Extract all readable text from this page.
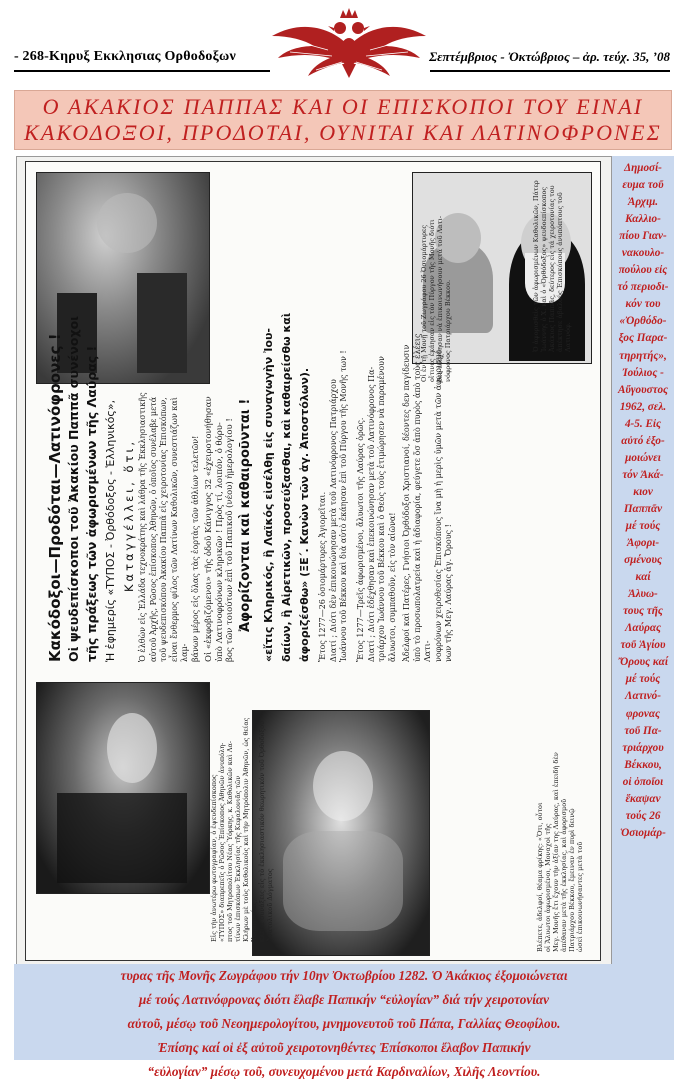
- 268-Κηρυξ Εκκλησιας Ορθοδοξων	Σεπτέμβριος - Ὀκτώβριος – ἀρ. τεύχ. 35, ’08
Ο ΑΚΑΚΙΟΣ ΠΑΠΠΑΣ ΚΑΙ ΟΙ ΕΠΙΣΚΟΠΟΙ ΤΟΥ ΕΙΝΑΙ
ΚΑΚΟΔΟΞΟΙ, ΠΡΟΔΟΤΑΙ, ΟΥΝΙΤΑΙ ΚΑΙ ΛΑΤΙΝΟΦΡΟΝΕΣ
Κακόδοξοι—Προδόται—Λατινόφρονες ! Οἱ ψευδεπίσκοποι τοῦ Ἀκακίου Παππᾶ συνένοχοι τῆς πράξεως τῶν ἀφωρισμένων τῆς Λαύρας ! Ἡ ἐφημερίς «ΤΥΠΟΣ - Ὀρθόδοξος - Ἑλληνικός», Καταγγέλλει, ὅτι, Ὁ ἐλθὼν εἰς Ἑλλάδα τεχνοκράτης καὶ λάθρα τῆς Ἐκκλησιαστικῆς αὐτοῦ Ἀρχῆς, Ρῶσος ἐπίσκοπος Ἀθηνῶν, ὁ ὁποῖος συνέλαβε μετά τοῦ ψευδεπισκόπου Ἀκακίου Παππᾶ εἰς χειροτονίας Ἐπισκόπων, εἶναι ἔνθερμος φίλος τῶν Λατίνων Καθολικῶν, συνεστιάζων καὶ λαμ- βάνων μέρος εἰς ὅλας τὰς ἑορτὰς τῶν ἀθλίων τελετῶν! Οἱ «ἐκφοβιζόμενοι» τῆς ὁδοῦ Κάνιγγος 32 «ἐχειροτονήθησαν ὑπὸ Λατινοφρόνων κληρικῶν ! Πρὸς τί, λοιπόν, ὁ θόρυ- βος τῶν τοιούτων ἐπὶ τοῦ Παπικοῦ (νέου) ἡμερολογίου ! Ἀφορίζονται καὶ καθαιροῦνται ! «εἴτις Κληρικός, ἢ Λαϊκός εἰσέλθῃ εἰς συναγωγὴν Ἰου- δαίων, ἢ Αἱρετικῶν, προσεύξασθαι, καὶ καθαιρείσθω καὶ ἀφοριζέσθω» (ΞΕ΄. Κανὼν τῶν ἁγ. Ἀποστόλων). Ἔτος 1277—26 ὁσιομάρτυρες Ἀγιορεῖται. Διατί ; Διότι δὲν ἐπικοινώνησαν μετὰ τοῦ Λατινόφρονος Πατριάρχου Ἰωάννου τοῦ Βέκκου καὶ διὰ αὐτὸ ἐκάησαν ἐπὶ τοῦ Πύργου τῆς Μονῆς των ! Ἔτος 1277—Τρεῖς ἀφωρισμένοι, ἄλυωτοι τῆς Λαύρας ὁρῶς. Διατί ; Διότι ἐδέχθησαν καὶ ἐπεκοινώνησαν μετὰ τοῦ Λατινόφρονος Πα- τριάρχου Ἰωάννου τοῦ Βέκκου καὶ ὁ Θεὸς τοὺς ἐτιμώρησεν νὰ παραμένουν ἄλυωτοι, συμπαθοῦν, εἰς τὸν αἰῶνα! Ἀδελφοί καὶ Πατέρες, Γνήσιοι Ὀρθόδοξοι Χριστιανοί, δέοντες δεν παγίδευσιν ὑπὸ τὸ προσωπολατρεία καὶ ἡ ἀδιαφορία, φεύγετε ὅσ ἀπὸ πυρὸς ἀπὸ τοὺς ἐλέεις Λατι- νοφρόνων χειροθεσίας Ἐπισκόπους ἵνα μὴ ἡ μερὶς ὑμῶν μετὰ τῶν ἀφωρισμέ- νων τῆς Μεγ. Λαύρας ἁγ. Ὄρους !
Ὁ ἀφορισθεὶς τῶν ἀφωρισμένων Καθολικῶν, Πάτερ Ἰωάννης ὁ Χ. καὶ ὁ «Ὀρθόδοξος» ψευδοεπίσκοπος Ἀκάκιος Παππᾶς, δεύτερος εἰς τά χειροτονίας του ἀπέκτησε ἀβαλούς Ἐπισκόπους ἀνυπόπτους τοῦ Λατινόφ.
Οἱ ἐν τῇ Μονῇ τοῦ Ζωγράφου 26 Ὁσιομάρτυρες οἵτινες ἐκάησαν εἰς τὸν Πύργον τῆς Μονῆς διότι δὲν ἐδέχθησαν νὰ ἐπικοινωνήσουν μετὰ τοῦ Λατι- νόφρονος Πατριάρχου Βέκκου.
Εἰς τὴν ἀνωτέρω φωτογραφίαν, ὁ ἐψευδεπίσκοπος «ΤΥΠΟΣ» διαπρεπεῖς ὁ Ρῶσος Ἐπίσκοπος Ἀθηνῶν ἀνυπόλη- πτος τοῦ Μητροπολίτου Νέας Ὑόρκης, κ. Καθολικῶν καὶ Λα- τίνων ἐπισκόπων Ἐκκλησίας τῆς Κεφαλονιᾶς τῶν Κλήρων μὲ τοὺς Καθολικοὺς καὶ τὴν Μητρόπολιν Ἀθηνῶν, ὡς θείας Χειροτονίας, κλείει συνάξεις εἰς τὸ ἐκκλησιαστικόν θεωρητικόν τοῦ Ὀρθοδόξου Ἀνατολικοῦ Δόγματος	Βλέπετε, ἀδελφοί, θέαμα φρίκης: «Ὅτι, οὗτοι οἱ Ἄλυωτοι ἀφωρισμένοι, Μοναχοὶ τῆς Μεγ. Μονῆς ἔτι ἔχουν τὴν ἀξίαν της Λαύρας, καὶ ἐπειδὴ δὲν ἀπέθαναν μετὰ τῆς ἐκκλησίας, καὶ ἀφορισμοῦ Πατριάρχου Βέκκου, ἔμειναν ἐν πυρὶ δεινῷ ὡσεὶ ἐπικοινωνήσαντες μετὰ τοῦ
Δημοσί-
ευμα τοῦ
Ἀρχιμ.
Καλλιο-
πίου Γιαν-
νακουλο-
πούλου εἰς
τό περιοδι-
κόν του
«Ὀρθόδο-
ξος Παρα-
τηρητής»,
Ἰούλιος -
Αὔγουστος
1962, σελ.
4-5. Εἰς
αὐτό ἐξο-
μοιώνει
τόν Ἀκά-
κιον
Παππᾶν
μέ τούς
Ἀφορι-
σμένους
καί
Ἀλυω-
τους τῆς
Λαύρας
τοῦ Ἁγίου
Ὄρους καί
μέ τούς
Λατινό-
φρονας
τοῦ Πα-
τριάρχου
Βέκκου,
οἱ ὁποῖοι
ἔκαψαν
τούς 26
Ὁσιομάρ-
τυρας τῆς Μονῆς Ζωγράφου τήν 10ην Ὀκτωβρίου 1282. Ὁ Ἀκάκιος ἐξομοιώνεται
μέ τούς Λατινόφρονας διότι ἔλαβε Παπικήν “εὐλογίαν” διά τήν χειροτονίαν
αὐτοῦ, μέσῳ τοῦ Νεοημερολογίτου, μνημονευτοῦ τοῦ Πάπα, Γαλλίας Θεοφίλου.
Ἐπίσης καί οἱ ἐξ αὐτοῦ χειροτονηθέντες Ἐπίσκοποι ἔλαβον Παπικήν
“εὐλογίαν” μέσῳ τοῦ, συνευχομένου μετά Καρδιναλίων, Χιλῆς Λεοντίου.
